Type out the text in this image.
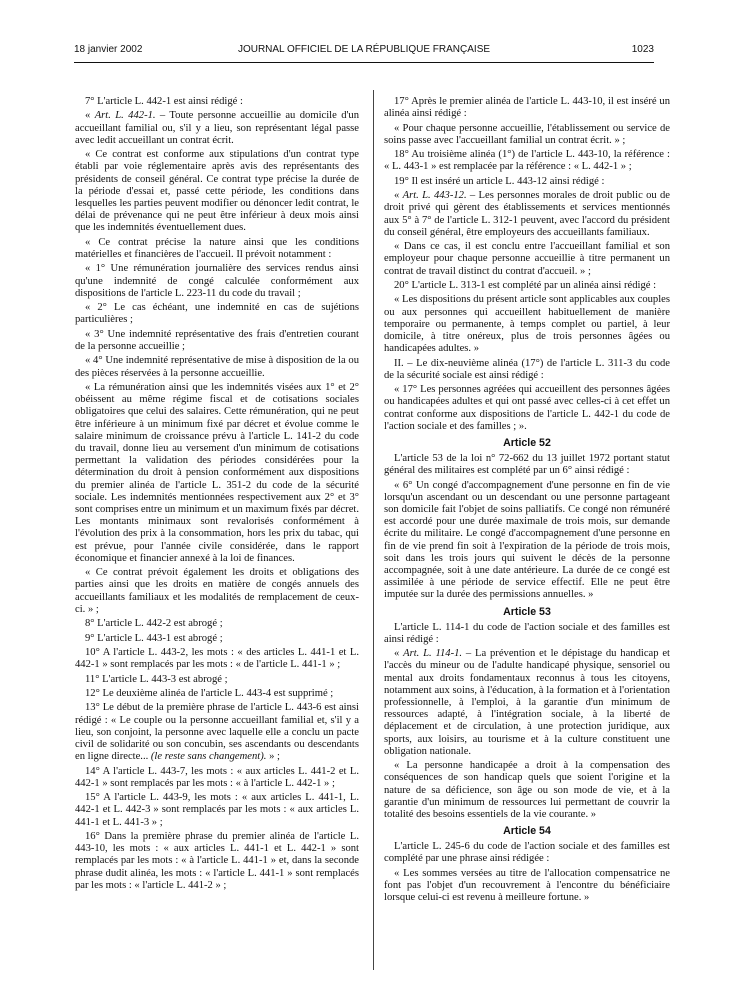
18 janvier 2002	JOURNAL OFFICIEL DE LA RÉPUBLIQUE FRANÇAISE	1023

7° L'article L. 442-1 est ainsi rédigé :

« Art. L. 442-1. – Toute personne accueillie au domicile d'un accueillant familial ou, s'il y a lieu, son représentant légal passe avec ledit accueillant un contrat écrit.

« Ce contrat est conforme aux stipulations d'un contrat type établi par voie réglementaire après avis des représentants des présidents de conseil général. Ce contrat type précise la durée de la période d'essai et, passé cette période, les conditions dans lesquelles les parties peuvent modifier ou dénoncer ledit contrat, le délai de prévenance qui ne peut être inférieur à deux mois ainsi que les indemnités éventuellement dues.

« Ce contrat précise la nature ainsi que les conditions matérielles et financières de l'accueil. Il prévoit notamment :

« 1° Une rémunération journalière des services rendus ainsi qu'une indemnité de congé calculée conformément aux dispositions de l'article L. 223-11 du code du travail ;

« 2° Le cas échéant, une indemnité en cas de sujétions particulières ;

« 3° Une indemnité représentative des frais d'entretien courant de la personne accueillie ;

« 4° Une indemnité représentative de mise à disposition de la ou des pièces réservées à la personne accueillie.

« La rémunération ainsi que les indemnités visées aux 1° et 2° obéissent au même régime fiscal et de cotisations sociales obligatoires que celui des salaires. Cette rémunération, qui ne peut être inférieure à un minimum fixé par décret et évolue comme le salaire minimum de croissance prévu à l'article L. 141-2 du code du travail, donne lieu au versement d'un minimum de cotisations permettant la validation des périodes considérées pour la détermination du droit à pension conformément aux dispositions du premier alinéa de l'article L. 351-2 du code de la sécurité sociale. Les indemnités mentionnées respectivement aux 2° et 3° sont comprises entre un minimum et un maximum fixés par décret. Les montants minimaux sont revalorisés conformément à l'évolution des prix à la consommation, hors les prix du tabac, qui est prévue, pour l'année civile considérée, dans le rapport économique et financier annexé à la loi de finances.

« Ce contrat prévoit également les droits et obligations des parties ainsi que les droits en matière de congés annuels des accueillants familiaux et les modalités de remplacement de ceux-ci. » ;

8° L'article L. 442-2 est abrogé ;

9° L'article L. 443-1 est abrogé ;

10° A l'article L. 443-2, les mots : « des articles L. 441-1 et L. 442-1 » sont remplacés par les mots : « de l'article L. 441-1 » ;

11° L'article L. 443-3 est abrogé ;

12° Le deuxième alinéa de l'article L. 443-4 est supprimé ;

13° Le début de la première phrase de l'article L. 443-6 est ainsi rédigé : « Le couple ou la personne accueillant familial et, s'il y a lieu, son conjoint, la personne avec laquelle elle a conclu un pacte civil de solidarité ou son concubin, ses ascendants ou descendants en ligne directe... (le reste sans changement). » ;

14° A l'article L. 443-7, les mots : « aux articles L. 441-2 et L. 442-1 » sont remplacés par les mots : « à l'article L. 442-1 » ;

15° A l'article L. 443-9, les mots : « aux articles L. 441-1, L. 442-1 et L. 442-3 » sont remplacés par les mots : « aux articles L. 441-1 et L. 441-3 » ;

16° Dans la première phrase du premier alinéa de l'article L. 443-10, les mots : « aux articles L. 441-1 et L. 442-1 » sont remplacés par les mots : « à l'article L. 441-1 » et, dans la seconde phrase dudit alinéa, les mots : « l'article L. 441-1 » sont remplacés par les mots : « l'article L. 441-2 » ;

17° Après le premier alinéa de l'article L. 443-10, il est inséré un alinéa ainsi rédigé :

« Pour chaque personne accueillie, l'établissement ou service de soins passe avec l'accueillant familial un contrat écrit. » ;

18° Au troisième alinéa (1°) de l'article L. 443-10, la référence : « L. 443-1 » est remplacée par la référence : « L. 442-1 » ;

19° Il est inséré un article L. 443-12 ainsi rédigé :

« Art. L. 443-12. – Les personnes morales de droit public ou de droit privé qui gèrent des établissements et services mentionnés aux 5° à 7° de l'article L. 312-1 peuvent, avec l'accord du président du conseil général, être employeurs des accueillants familiaux.

« Dans ce cas, il est conclu entre l'accueillant familial et son employeur pour chaque personne accueillie à titre permanent un contrat de travail distinct du contrat d'accueil. » ;

20° L'article L. 313-1 est complété par un alinéa ainsi rédigé :

« Les dispositions du présent article sont applicables aux couples ou aux personnes qui accueillent habituellement de manière temporaire ou permanente, à temps complet ou partiel, à leur domicile, à titre onéreux, plus de trois personnes âgées ou handicapées adultes. »

II. – Le dix-neuvième alinéa (17°) de l'article L. 311-3 du code de la sécurité sociale est ainsi rédigé :

« 17° Les personnes agréées qui accueillent des personnes âgées ou handicapées adultes et qui ont passé avec celles-ci à cet effet un contrat conforme aux dispositions de l'article L. 442-1 du code de l'action sociale et des familles ; ».

Article 52

L'article 53 de la loi n° 72-662 du 13 juillet 1972 portant statut général des militaires est complété par un 6° ainsi rédigé :

« 6° Un congé d'accompagnement d'une personne en fin de vie lorsqu'un ascendant ou un descendant ou une personne partageant son domicile fait l'objet de soins palliatifs. Ce congé non rémunéré est accordé pour une durée maximale de trois mois, sur demande écrite du militaire. Le congé d'accompagnement d'une personne en fin de vie prend fin soit à l'expiration de la période de trois mois, soit dans les trois jours qui suivent le décès de la personne accompagnée, soit à une date antérieure. La durée de ce congé est assimilée à une période de service effectif. Elle ne peut être imputée sur la durée des permissions annuelles. »

Article 53

L'article L. 114-1 du code de l'action sociale et des familles est ainsi rédigé :

« Art. L. 114-1. – La prévention et le dépistage du handicap et l'accès du mineur ou de l'adulte handicapé physique, sensoriel ou mental aux droits fondamentaux reconnus à tous les citoyens, notamment aux soins, à l'éducation, à la formation et à l'orientation professionnelle, à l'emploi, à la garantie d'un minimum de ressources adapté, à l'intégration sociale, à la liberté de déplacement et de circulation, à une protection juridique, aux sports, aux loisirs, au tourisme et à la culture constituent une obligation nationale.

« La personne handicapée a droit à la compensation des conséquences de son handicap quels que soient l'origine et la nature de sa déficience, son âge ou son mode de vie, et à la garantie d'un minimum de ressources lui permettant de couvrir la totalité des besoins essentiels de la vie courante. »

Article 54

L'article L. 245-6 du code de l'action sociale et des familles est complété par une phrase ainsi rédigée :

« Les sommes versées au titre de l'allocation compensatrice ne font pas l'objet d'un recouvrement à l'encontre du bénéficiaire lorsque celui-ci est revenu à meilleure fortune. »
